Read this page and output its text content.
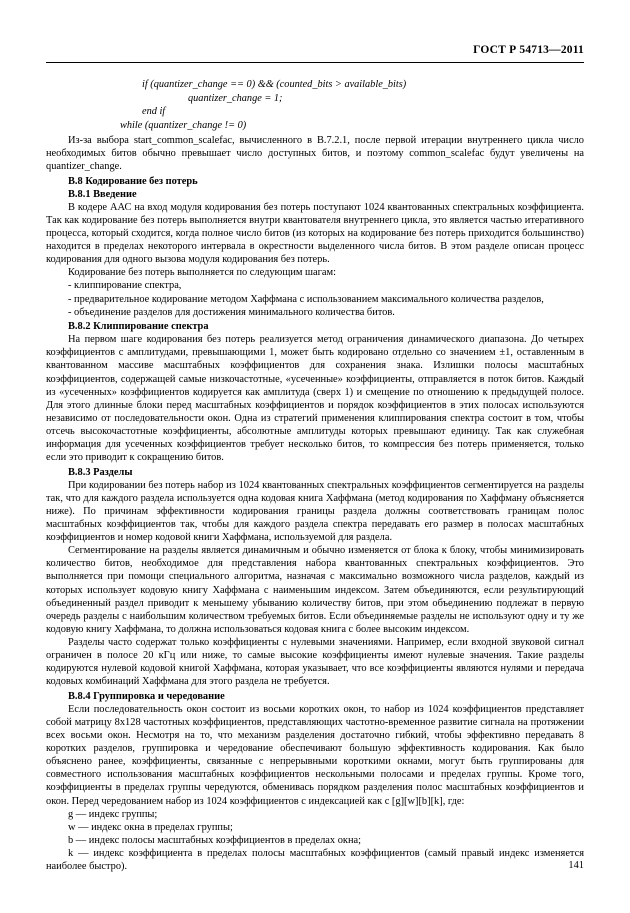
ГОСТ Р 54713—2011

if (quantizer_change == 0) && (counted_bits > available_bits)

quantizer_change = 1;

end if

while (quantizer_change != 0)

Из-за выбора start_common_scalefac, вычисленного в B.7.2.1, после первой итерации внутреннего цикла число необходимых битов обычно превышает число доступных битов, и поэтому common_scalefac будут увеличены на quantizer_change.

В.8 Кодирование без потерь

В.8.1 Введение

В кодере ААС на вход модуля кодирования без потерь поступают 1024 квантованных спектральных коэффициента. Так как кодирование без потерь выполняется внутри квантователя внутреннего цикла, это является частью итеративного процесса, который сходится, когда полное число битов (из которых на кодирование без потерь приходится большинство) находится в пределах некоторого интервала в окрестности выделенного числа битов. В этом разделе описан процесс кодирования для одного вызова модуля кодирования без потерь.

Кодирование без потерь выполняется по следующим шагам:

- клиппирование спектра,

- предварительное кодирование методом Хаффмана с использованием максимального количества разделов,

- объединение разделов для достижения минимального количества битов.

В.8.2 Клиппирование спектра

На первом шаге кодирования без потерь реализуется метод ограничения динамического диапазона. До четырех коэффициентов с амплитудами, превышающими 1, может быть кодировано отдельно со значением ±1, оставленным в квантованном массиве масштабных коэффициентов для сохранения знака. Излишки полосы масштабных коэффициентов, содержащей самые низкочастотные, «усеченные» коэффициенты, отправляется в поток битов. Каждый из «усеченных» коэффициентов кодируется как амплитуда (сверх 1) и смещение по отношению к предыдущей полосе. Для этого длинные блоки перед масштабных коэффициентов и порядок коэффициентов в этих полосах используются независимо от последовательности окон. Одна из стратегий применения клиппирования спектра состоит в том, чтобы отсечь высокочастотные коэффициенты, абсолютные амплитуды которых превышают единицу. Так как служебная информация для усеченных коэффициентов требует несколько битов, то компрессия без потерь применяется, только если это приводит к сокращению битов.

В.8.3 Разделы

При кодировании без потерь набор из 1024 квантованных спектральных коэффициентов сегментируется на разделы так, что для каждого раздела используется одна кодовая книга Хаффмана (метод кодирования по Хаффману объясняется ниже). По причинам эффективности кодирования границы раздела должны соответствовать границам полос масштабных коэффициентов так, чтобы для каждого раздела спектра передавать его размер в полосах масштабных коэффициентов и номер кодовой книги Хаффмана, используемой для раздела.

Сегментирование на разделы является динамичным и обычно изменяется от блока к блоку, чтобы минимизировать количество битов, необходимое для представления набора квантованных спектральных коэффициентов. Это выполняется при помощи специального алгоритма, назначая с максимально возможного числа разделов, каждый из которых использует кодовую книгу Хаффмана с наименьшим индексом. Затем объединяются, если результирующий объединенный раздел приводит к меньшему убыванию количеству битов, при этом объединению подлежат в первую очередь разделы с наибольшим количеством требуемых битов. Если объединяемые разделы не используют одну и ту же кодовую книгу Хаффмана, то должна использоваться кодовая книга с более высоким индексом.

Разделы часто содержат только коэффициенты с нулевыми значениями. Например, если входной звуковой сигнал ограничен в полосе 20 кГц или ниже, то самые высокие коэффициенты имеют нулевые значения. Такие разделы кодируются нулевой кодовой книгой Хаффмана, которая указывает, что все коэффициенты являются нулями и передача кодовых комбинаций Хаффмана для этого раздела не требуется.

В.8.4 Группировка и чередование

Если последовательность окон состоит из восьми коротких окон, то набор из 1024 коэффициентов представляет собой матрицу 8x128 частотных коэффициентов, представляющих частотно-временное развитие сигнала на протяжении всех восьми окон. Несмотря на то, что механизм разделения достаточно гибкий, чтобы эффективно передавать 8 коротких разделов, группировка и чередование обеспечивают большую эффективность кодирования. Как было объяснено ранее, коэффициенты, связанные с непрерывными короткими окнами, могут быть группированы для совместного использования масштабных коэффициентов нескольными полосами и пределах группы. Кроме того, коэффициенты в пределах группы чередуются, обменивась порядком разделения полос масштабных коэффициентов и окон. Перед чередованием набор из 1024 коэффициентов с индексацией как с [g][w][b][k], где:

g — индекс группы;

w — индекс окна в пределах группы;

b — индекс полосы масштабных коэффициентов в пределах окна;

k — индекс коэффициента в пределах полосы масштабных коэффициентов (самый правый индекс изменяется наиболее быстро).	141
